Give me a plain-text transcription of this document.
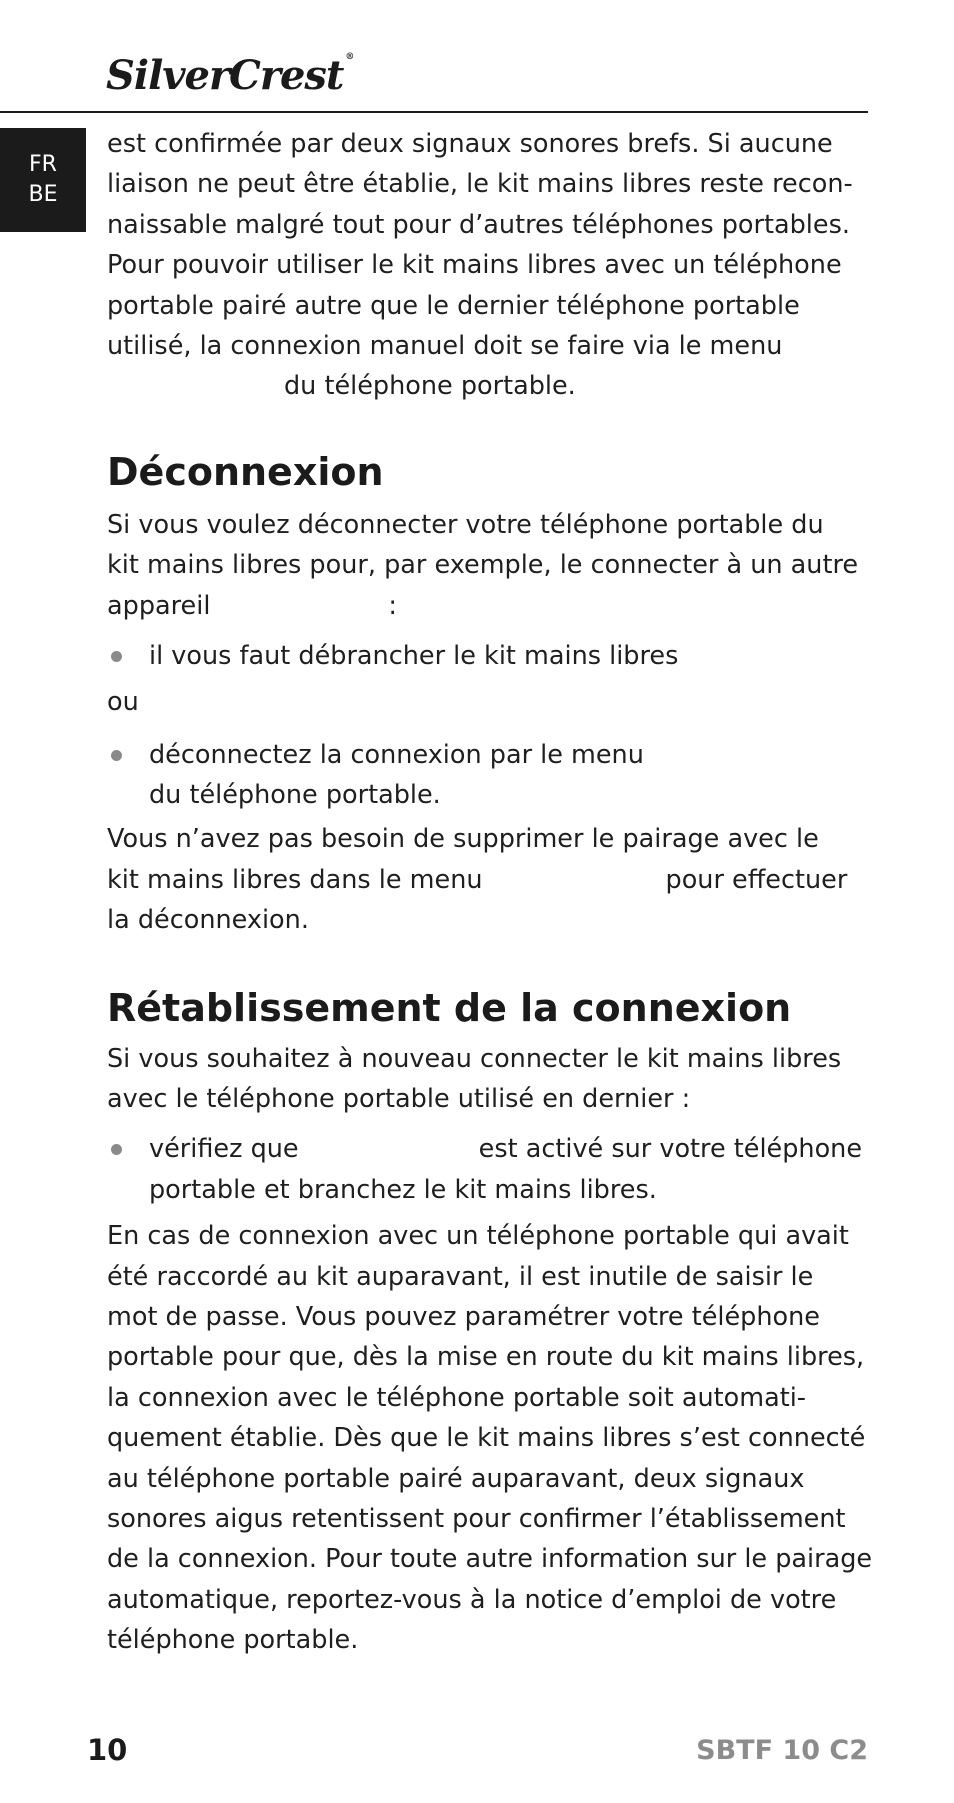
SilverCrest ®
FR
BE
est confirmée par deux signaux sonores brefs. Si aucune
liaison ne peut être établie, le kit mains libres reste recon-
naissable malgré tout pour d’autres téléphones portables.
Pour pouvoir utiliser le kit mains libres avec un téléphone
portable pairé autre que le dernier téléphone portable
utilisé, la connexion manuel doit se faire via le menu
du téléphone portable.
Déconnexion
Si vous voulez déconnecter votre téléphone portable du
kit mains libres pour, par exemple, le connecter à un autre
appareil	:
il vous faut débrancher le kit mains libres
ou
déconnectez la connexion par le menu
du téléphone portable.
Vous n’avez pas besoin de supprimer le pairage avec le
kit mains libres dans le menu	pour effectuer
la déconnexion.
Rétablissement de la connexion
Si vous souhaitez à nouveau connecter le kit mains libres
avec le téléphone portable utilisé en dernier :
vérifiez que	est activé sur votre téléphone
portable et branchez le kit mains libres.
En cas de connexion avec un téléphone portable qui avait
été raccordé au kit auparavant, il est inutile de saisir le
mot de passe. Vous pouvez paramétrer votre téléphone
portable pour que, dès la mise en route du kit mains libres,
la connexion avec le téléphone portable soit automati-
quement établie. Dès que le kit mains libres s’est connecté
au téléphone portable pairé auparavant, deux signaux
sonores aigus retentissent pour confirmer l’établissement
de la connexion. Pour toute autre information sur le pairage
automatique, reportez-vous à la notice d’emploi de votre
téléphone portable.
10	SBTF 10 C2
